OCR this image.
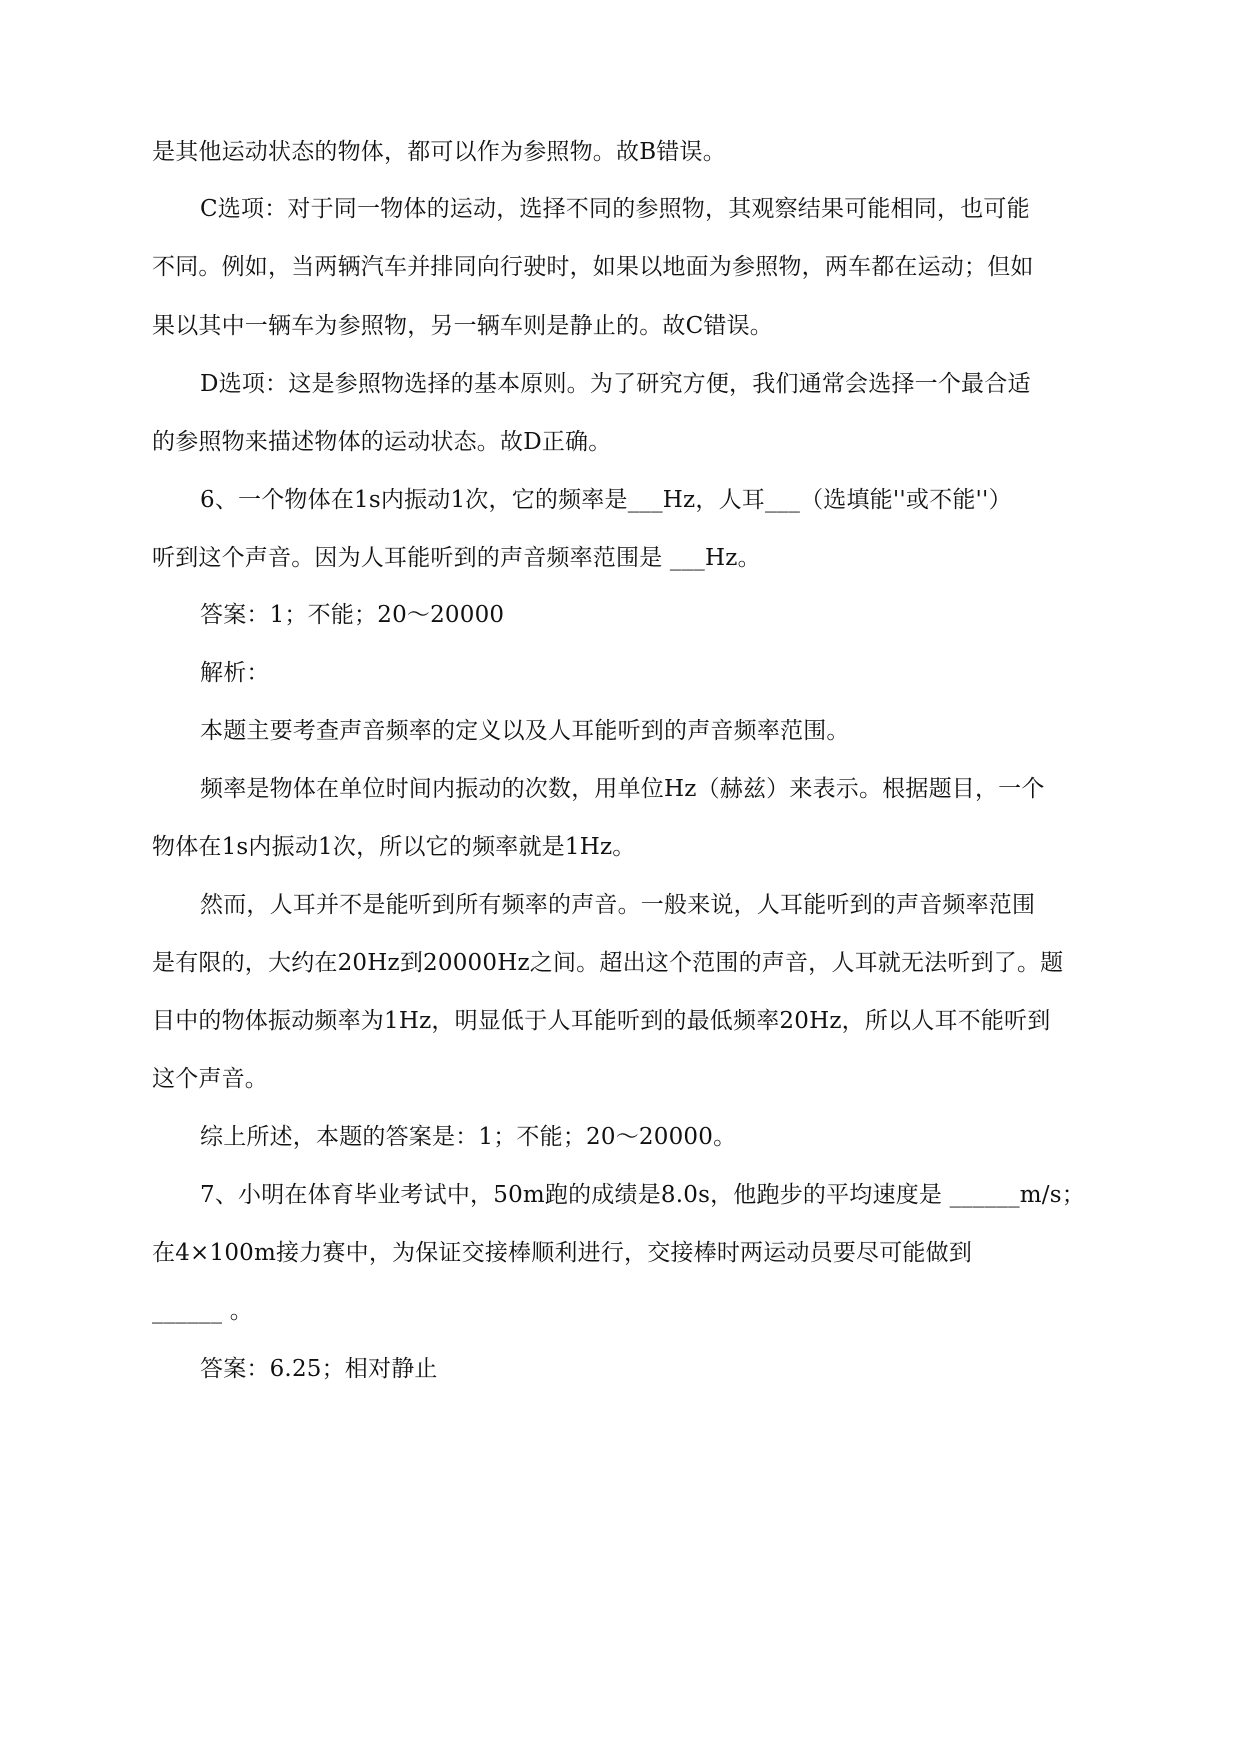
是其他运动状态的物体，都可以作为参照物。故B错误。
C选项：对于同一物体的运动，选择不同的参照物，其观察结果可能相同，也可能
不同。例如，当两辆汽车并排同向行驶时，如果以地面为参照物，两车都在运动；但如
果以其中一辆车为参照物，另一辆车则是静止的。故C错误。
D选项：这是参照物选择的基本原则。为了研究方便，我们通常会选择一个最合适
的参照物来描述物体的运动状态。故D正确。
6、一个物体在1s内振动1次，它的频率是___Hz，人耳___（选填能''或不能''）
听到这个声音。因为人耳能听到的声音频率范围是 ___Hz。
答案：1；不能；20～20000
解析：
本题主要考查声音频率的定义以及人耳能听到的声音频率范围。
频率是物体在单位时间内振动的次数，用单位Hz（赫兹）来表示。根据题目，一个
物体在1s内振动1次，所以它的频率就是1Hz。
然而，人耳并不是能听到所有频率的声音。一般来说，人耳能听到的声音频率范围
是有限的，大约在20Hz到20000Hz之间。超出这个范围的声音，人耳就无法听到了。题
目中的物体振动频率为1Hz，明显低于人耳能听到的最低频率20Hz，所以人耳不能听到
这个声音。
综上所述，本题的答案是：1；不能；20～20000。
7、小明在体育毕业考试中，50m跑的成绩是8.0s，他跑步的平均速度是 ______m/s；
在4×100m接力赛中，为保证交接棒顺利进行，交接棒时两运动员要尽可能做到
______ 。
答案：6.25；相对静止
